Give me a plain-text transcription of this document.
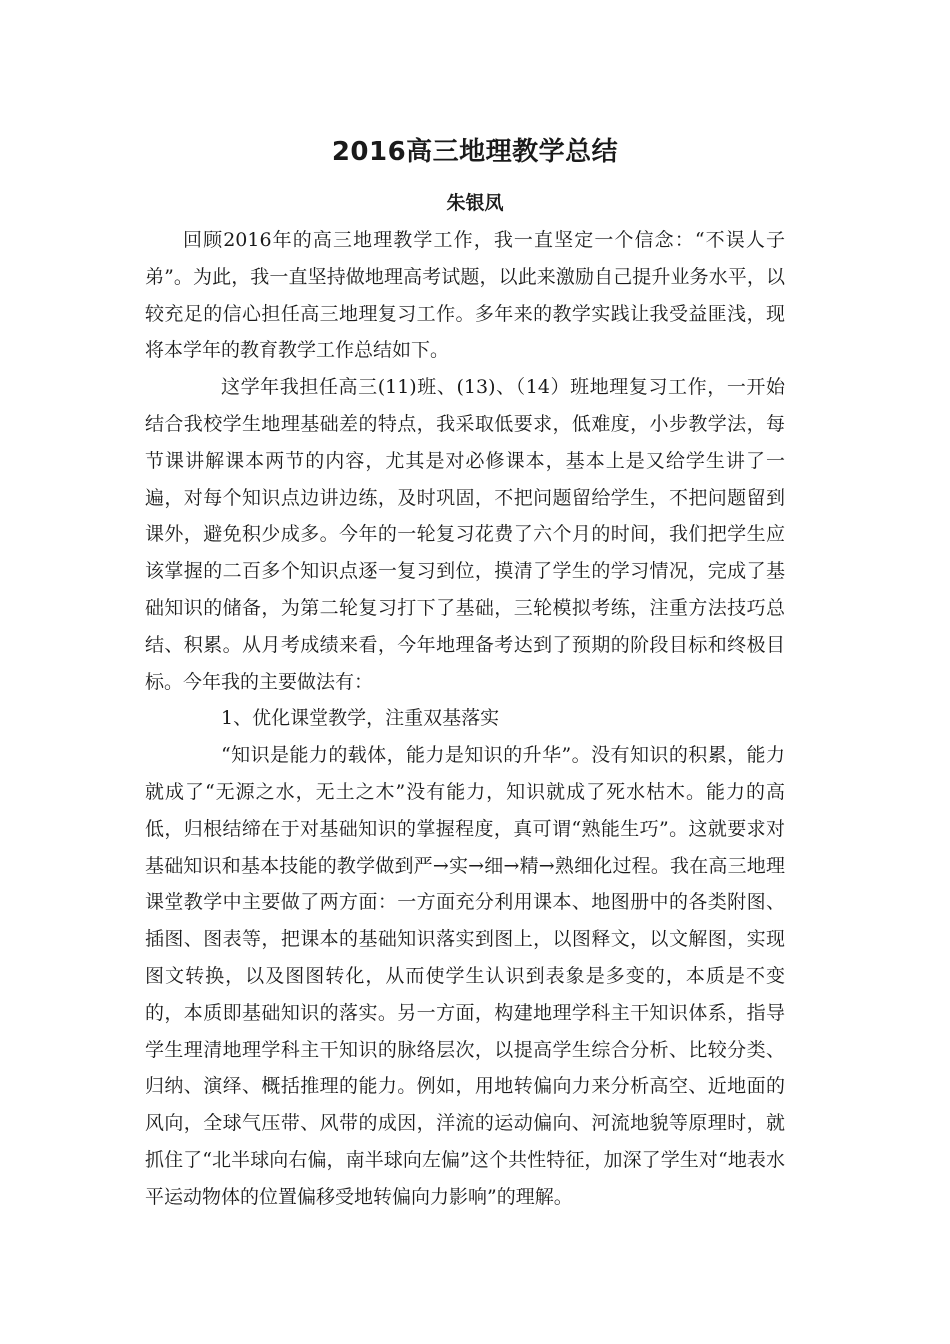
2016高三地理教学总结
朱银凤

回顾2016年的高三地理教学工作，我一直坚定一个信念：“不误人子弟”。为此，我一直坚持做地理高考试题，以此来激励自己提升业务水平，以较充足的信心担任高三地理复习工作。多年来的教学实践让我受益匪浅，现将本学年的教育教学工作总结如下。

这学年我担任高三(11)班、(13)、（14）班地理复习工作，一开始结合我校学生地理基础差的特点，我采取低要求，低难度，小步教学法，每节课讲解课本两节的内容，尤其是对必修课本，基本上是又给学生讲了一遍，对每个知识点边讲边练，及时巩固，不把问题留给学生，不把问题留到课外，避免积少成多。今年的一轮复习花费了六个月的时间，我们把学生应该掌握的二百多个知识点逐一复习到位，摸清了学生的学习情况，完成了基础知识的储备，为第二轮复习打下了基础，三轮模拟考练，注重方法技巧总结、积累。从月考成绩来看，今年地理备考达到了预期的阶段目标和终极目标。今年我的主要做法有：

1、优化课堂教学，注重双基落实

“知识是能力的载体，能力是知识的升华”。没有知识的积累，能力就成了“无源之水，无土之木”没有能力，知识就成了死水枯木。能力的高低，归根结缔在于对基础知识的掌握程度，真可谓“熟能生巧”。这就要求对基础知识和基本技能的教学做到严→实→细→精→熟细化过程。我在高三地理课堂教学中主要做了两方面：一方面充分利用课本、地图册中的各类附图、插图、图表等，把课本的基础知识落实到图上，以图释文，以文解图，实现图文转换，以及图图转化，从而使学生认识到表象是多变的，本质是不变的，本质即基础知识的落实。另一方面，构建地理学科主干知识体系，指导学生理清地理学科主干知识的脉络层次，以提高学生综合分析、比较分类、归纳、演绎、概括推理的能力。例如，用地转偏向力来分析高空、近地面的风向，全球气压带、风带的成因，洋流的运动偏向、河流地貌等原理时，就抓住了“北半球向右偏，南半球向左偏”这个共性特征，加深了学生对“地表水平运动物体的位置偏移受地转偏向力影响”的理解。
